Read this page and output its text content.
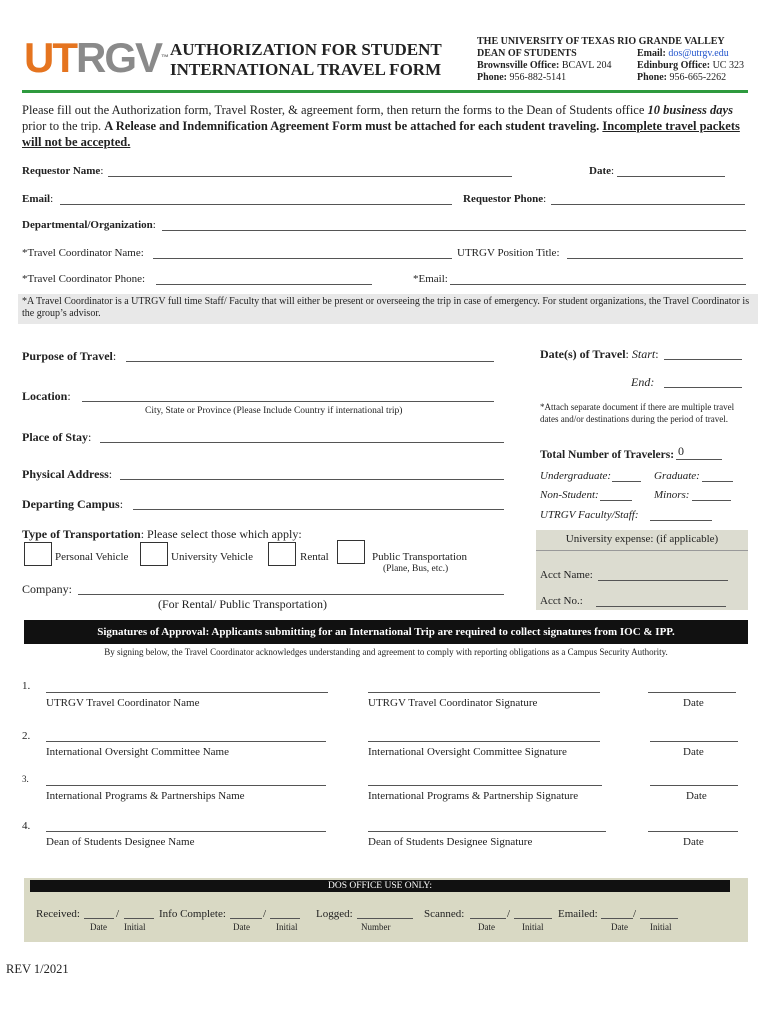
UTRGV™ AUTHORIZATION FOR STUDENT
INTERNATIONAL TRAVEL FORM
THE UNIVERSITY OF TEXAS RIO GRANDE VALLEY
DEAN OF STUDENTS	Email: dos@utrgv.edu
Brownsville Office: BCAVL 204	Edinburg Office: UC 323
Phone: 956-882-5141	Phone: 956-665-2262
Please fill out the Authorization form, Travel Roster, & agreement form, then return the forms to the Dean of Students office 10 business days prior to the trip. A Release and Indemnification Agreement Form must be attached for each student traveling. Incomplete travel packets will not be accepted.
Requestor Name:	Date:
Email:	Requestor Phone:
Departmental/Organization:
*Travel Coordinator Name:	UTRGV Position Title:
*Travel Coordinator Phone:	*Email:
*A Travel Coordinator is a UTRGV full time Staff/ Faculty that will either be present or overseeing the trip in case of emergency. For student organizations, the Travel Coordinator is the group’s advisor.
Purpose of Travel:
Location:
City, State or Province (Please Include Country if international trip)
Place of Stay:
Physical Address:
Departing Campus:
Type of Transportation: Please select those which apply:
Personal Vehicle	University Vehicle	Rental	Public Transportation
(Plane, Bus, etc.)
Company:
(For Rental/ Public Transportation)
Date(s) of Travel: Start:
End:
*Attach separate document if there are multiple travel dates and/or destinations during the period of travel.
Total Number of Travelers: 0
Undergraduate:	Graduate:
Non-Student:	Minors:
UTRGV Faculty/Staff:
University expense: (if applicable)
Acct Name:
Acct No.:
Signatures of Approval: Applicants submitting for an International Trip are required to collect signatures from IOC & IPP.
By signing below, the Travel Coordinator acknowledges understanding and agreement to comply with reporting obligations as a Campus Security Authority.
1.
UTRGV Travel Coordinator Name	UTRGV Travel Coordinator Signature	Date
2.
International Oversight Committee Name	International Oversight Committee Signature	Date
3.
International Programs & Partnerships Name	International Programs & Partnership Signature	Date
4.
Dean of Students Designee Name	Dean of Students Designee Signature	Date
DOS OFFICE USE ONLY:
Received:	/
Date Initial
Info Complete:	/
Date	Initial
Logged:
Number
Scanned:	/
Date	Initial
Emailed:	/
Date Initial
REV 1/2021
